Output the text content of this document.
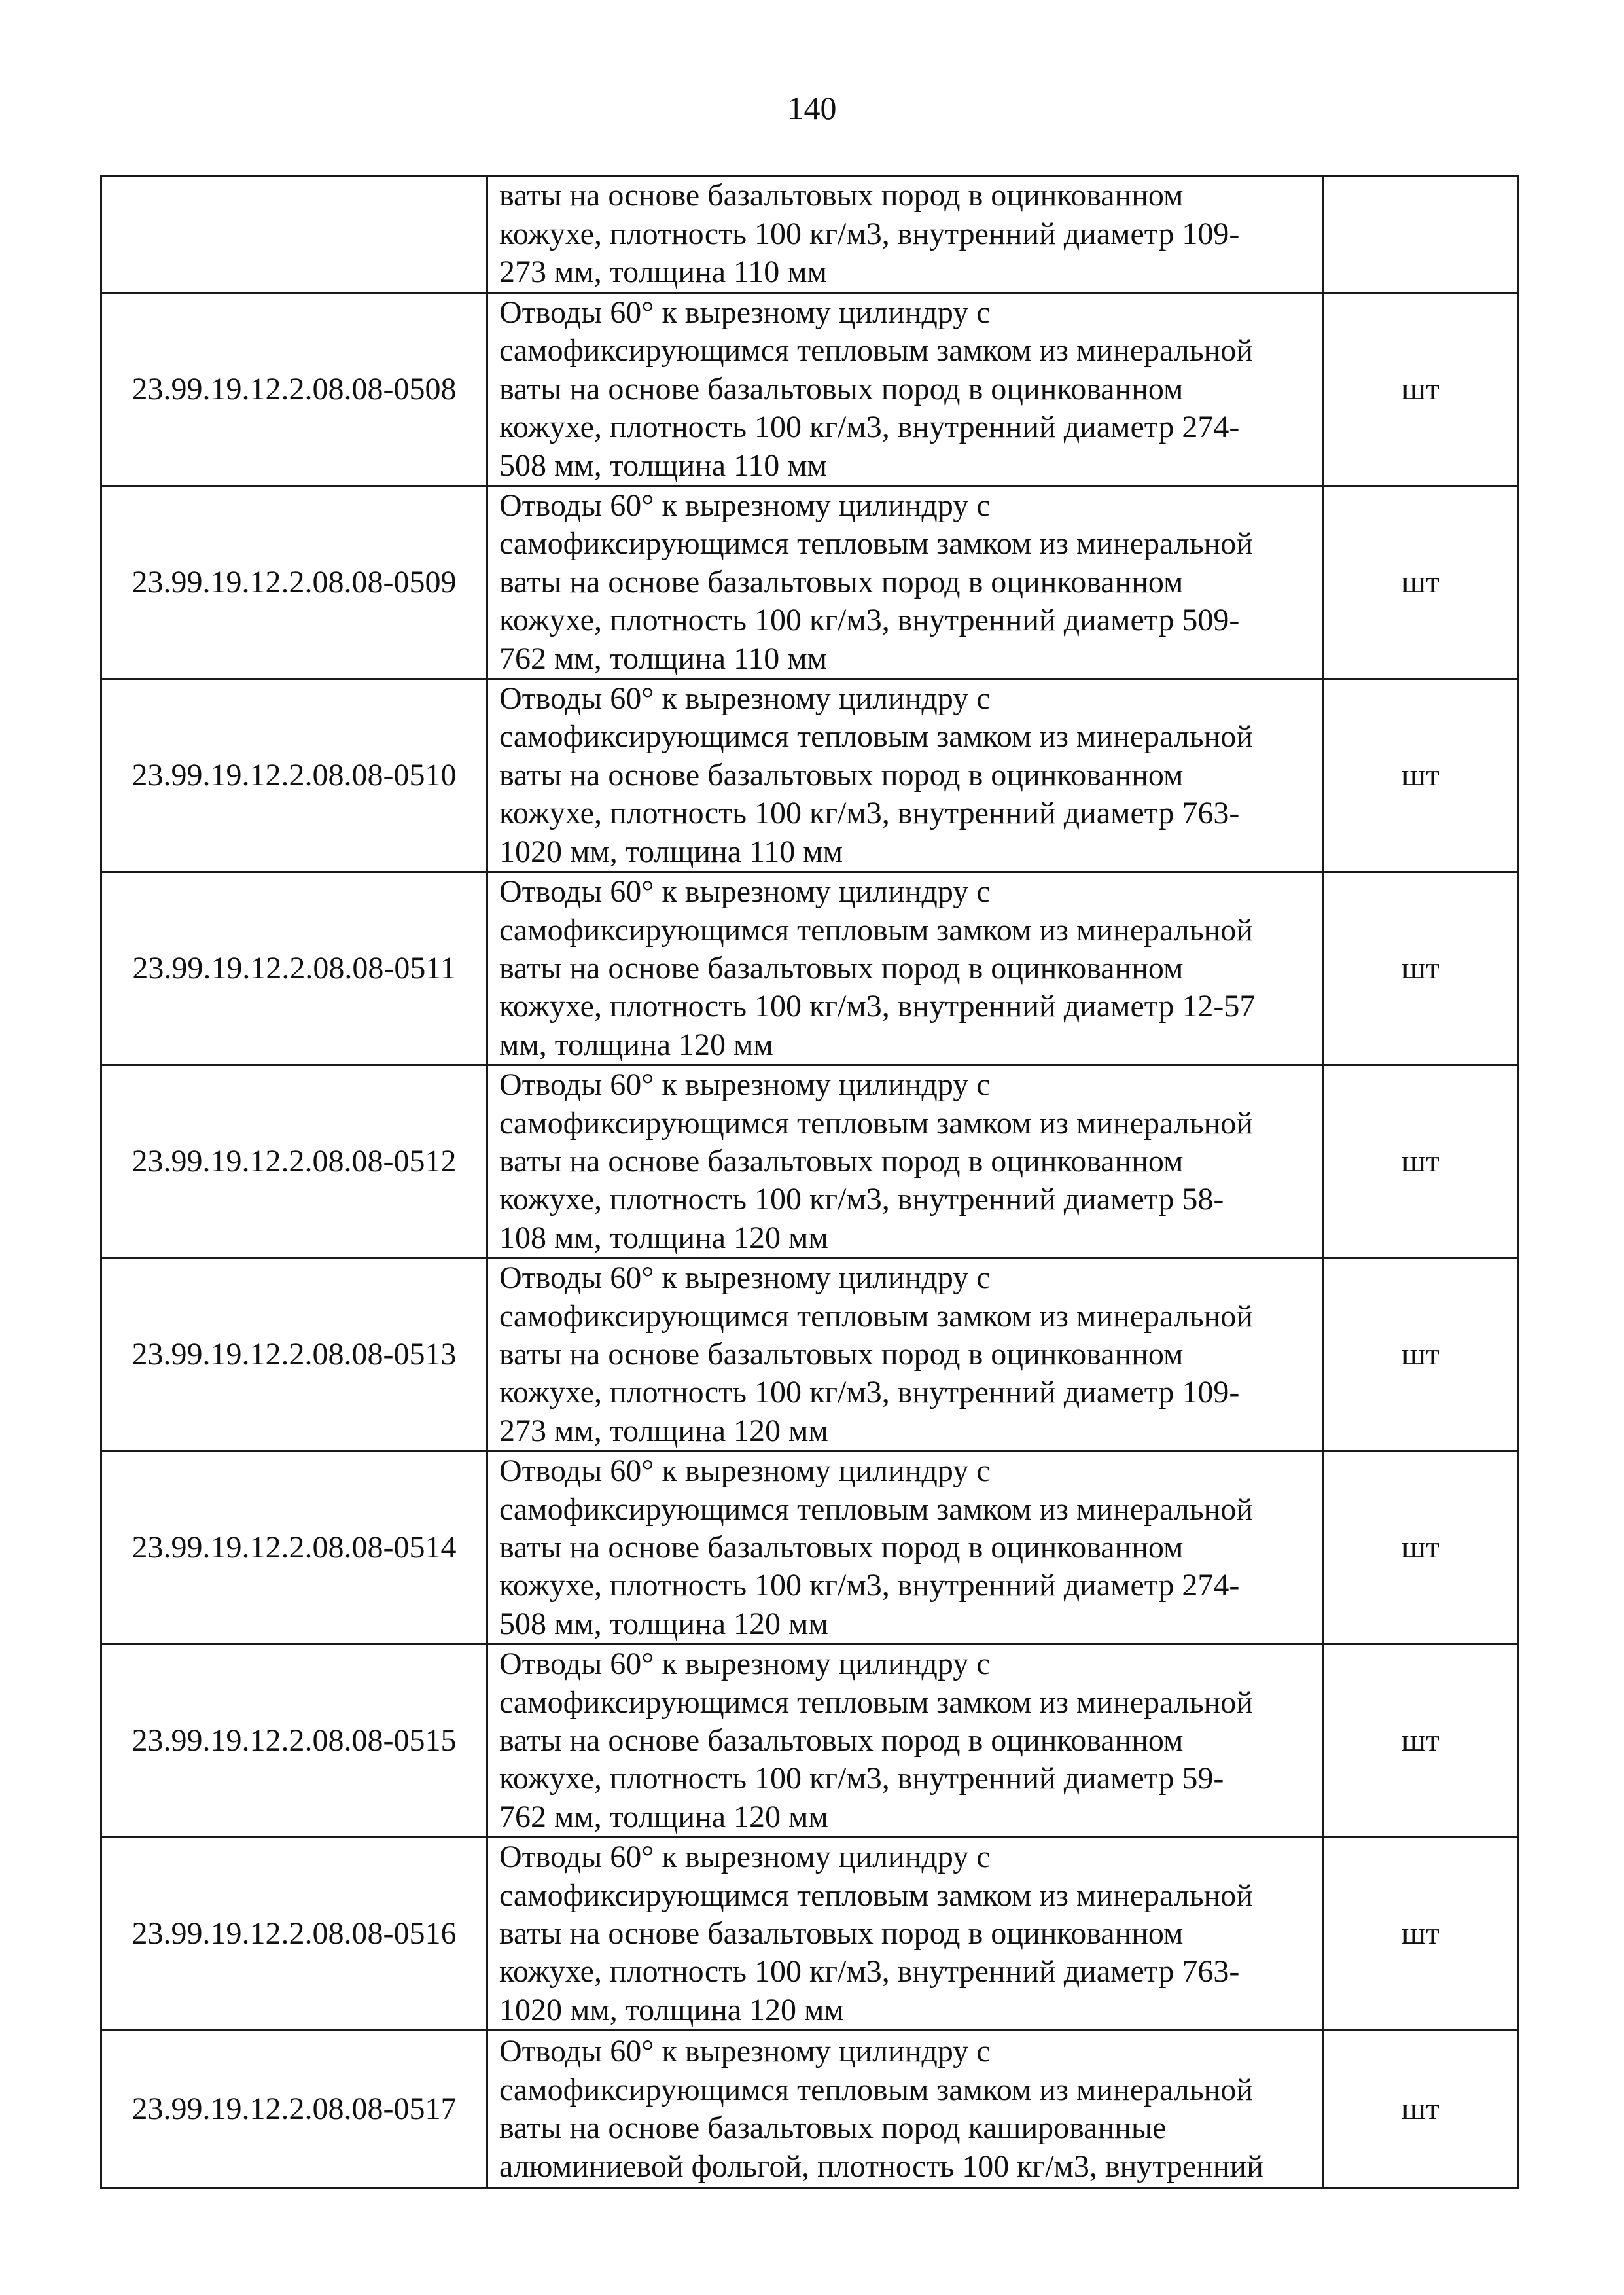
140

	ваты на основе базальтовых пород в оцинкованном
кожухе, плотность 100 кг/м3, внутренний диаметр 109-
273 мм, толщина 110 мм	

23.99.19.12.2.08.08-0508	Отводы 60° к вырезному цилиндру с
самофиксирующимся тепловым замком из минеральной
ваты на основе базальтовых пород в оцинкованном
кожухе, плотность 100 кг/м3, внутренний диаметр 274-
508 мм, толщина 110 мм	шт
23.99.19.12.2.08.08-0509	Отводы 60° к вырезному цилиндру с
самофиксирующимся тепловым замком из минеральной
ваты на основе базальтовых пород в оцинкованном
кожухе, плотность 100 кг/м3, внутренний диаметр 509-
762 мм, толщина 110 мм	шт
23.99.19.12.2.08.08-0510	Отводы 60° к вырезному цилиндру с
самофиксирующимся тепловым замком из минеральной
ваты на основе базальтовых пород в оцинкованном
кожухе, плотность 100 кг/м3, внутренний диаметр 763-
1020 мм, толщина 110 мм	шт
23.99.19.12.2.08.08-0511	Отводы 60° к вырезному цилиндру с
самофиксирующимся тепловым замком из минеральной
ваты на основе базальтовых пород в оцинкованном
кожухе, плотность 100 кг/м3, внутренний диаметр 12-57
мм, толщина 120 мм	шт
23.99.19.12.2.08.08-0512	Отводы 60° к вырезному цилиндру с
самофиксирующимся тепловым замком из минеральной
ваты на основе базальтовых пород в оцинкованном
кожухе, плотность 100 кг/м3, внутренний диаметр 58-
108 мм, толщина 120 мм	шт
23.99.19.12.2.08.08-0513	Отводы 60° к вырезному цилиндру с
самофиксирующимся тепловым замком из минеральной
ваты на основе базальтовых пород в оцинкованном
кожухе, плотность 100 кг/м3, внутренний диаметр 109-
273 мм, толщина 120 мм	шт
23.99.19.12.2.08.08-0514	Отводы 60° к вырезному цилиндру с
самофиксирующимся тепловым замком из минеральной
ваты на основе базальтовых пород в оцинкованном
кожухе, плотность 100 кг/м3, внутренний диаметр 274-
508 мм, толщина 120 мм	шт
23.99.19.12.2.08.08-0515	Отводы 60° к вырезному цилиндру с
самофиксирующимся тепловым замком из минеральной
ваты на основе базальтовых пород в оцинкованном
кожухе, плотность 100 кг/м3, внутренний диаметр 59-
762 мм, толщина 120 мм	шт
23.99.19.12.2.08.08-0516	Отводы 60° к вырезному цилиндру с
самофиксирующимся тепловым замком из минеральной
ваты на основе базальтовых пород в оцинкованном
кожухе, плотность 100 кг/м3, внутренний диаметр 763-
1020 мм, толщина 120 мм	шт
23.99.19.12.2.08.08-0517	Отводы 60° к вырезному цилиндру с
самофиксирующимся тепловым замком из минеральной
ваты на основе базальтовых пород кашированные
алюминиевой фольгой, плотность 100 кг/м3, внутренний	шт
